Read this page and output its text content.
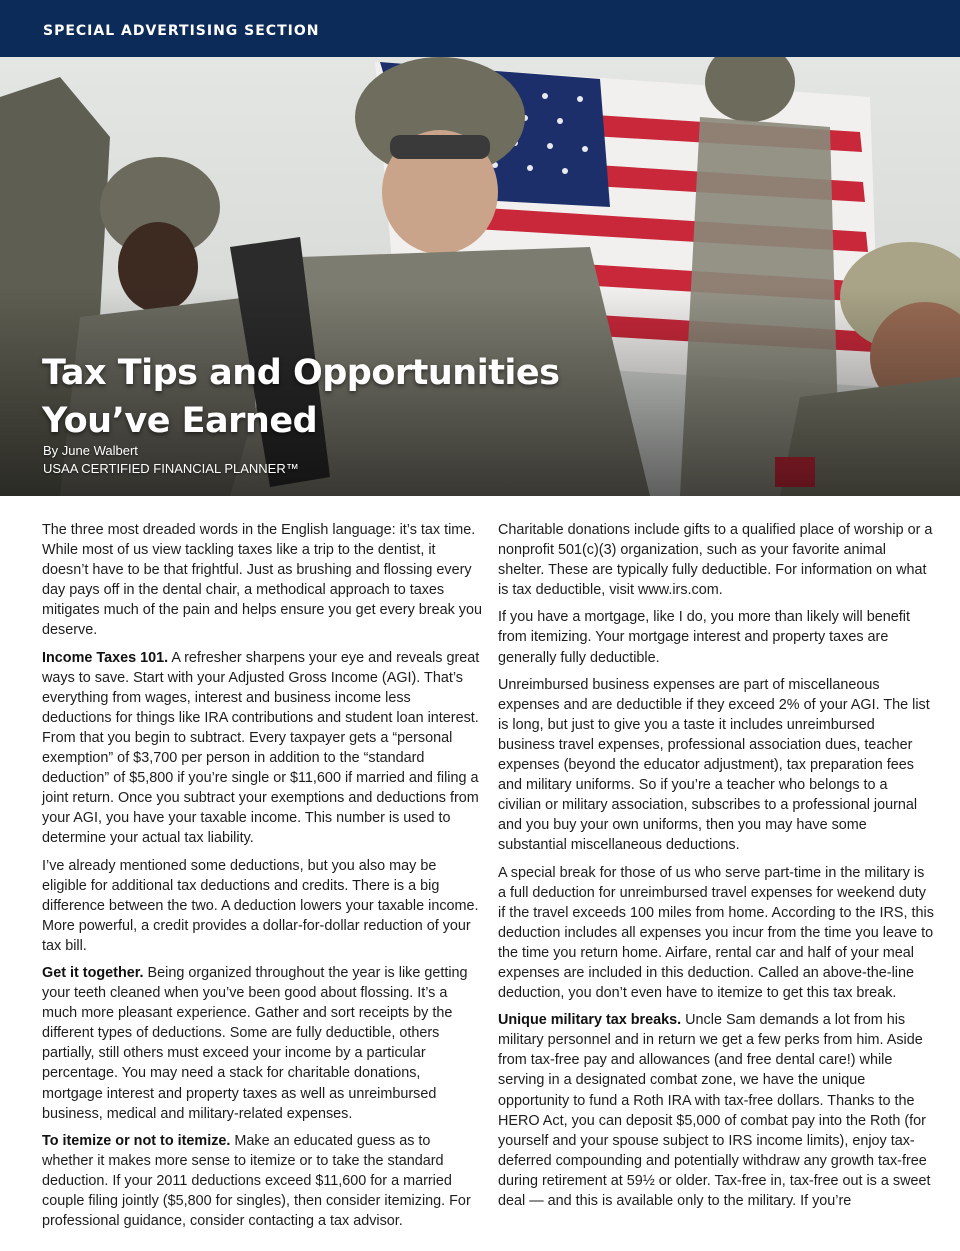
SPECIAL ADVERTISING SECTION
Tax Tips and Opportunities
You’ve Earned
By June Walbert
USAA CERTIFIED FINANCIAL PLANNER™

The three most dreaded words in the English language: it’s tax time. While most of us view tackling taxes like a trip to the dentist, it doesn’t have to be that frightful. Just as brushing and flossing every day pays off in the dental chair, a methodical approach to taxes mitigates much of the pain and helps ensure you get every break you deserve.

Income Taxes 101. A refresher sharpens your eye and reveals great ways to save. Start with your Adjusted Gross Income (AGI). That’s everything from wages, interest and business income less deductions for things like IRA contributions and student loan interest. From that you begin to subtract. Every taxpayer gets a “personal exemption” of $3,700 per person in addition to the “standard deduction” of $5,800 if you’re single or $11,600 if married and filing a joint return. Once you subtract your exemptions and deductions from your AGI, you have your taxable income. This number is used to determine your actual tax liability.

I’ve already mentioned some deductions, but you also may be eligible for additional tax deductions and credits. There is a big difference between the two. A deduction lowers your taxable income. More powerful, a credit provides a dollar-for-dollar reduction of your tax bill.

Get it together. Being organized throughout the year is like getting your teeth cleaned when you’ve been good about flossing. It’s a much more pleasant experience. Gather and sort receipts by the different types of deductions. Some are fully deductible, others partially, still others must exceed your income by a particular percentage. You may need a stack for charitable donations, mortgage interest and property taxes as well as unreimbursed business, medical and military-related expenses.

To itemize or not to itemize. Make an educated guess as to whether it makes more sense to itemize or to take the standard deduction. If your 2011 deductions exceed $11,600 for a married couple filing jointly ($5,800 for singles), then consider itemizing. For professional guidance, consider contacting a tax advisor.

Charitable donations include gifts to a qualified place of worship or a nonprofit 501(c)(3) organization, such as your favorite animal shelter. These are typically fully deductible. For information on what is tax deductible, visit www.irs.com.

If you have a mortgage, like I do, you more than likely will benefit from itemizing. Your mortgage interest and property taxes are generally fully deductible.

Unreimbursed business expenses are part of miscellaneous expenses and are deductible if they exceed 2% of your AGI. The list is long, but just to give you a taste it includes unreimbursed business travel expenses, professional association dues, teacher expenses (beyond the educator adjustment), tax preparation fees and military uniforms. So if you’re a teacher who belongs to a civilian or military association, subscribes to a professional journal and you buy your own uniforms, then you may have some substantial miscellaneous deductions.

A special break for those of us who serve part-time in the military is a full deduction for unreimbursed travel expenses for weekend duty if the travel exceeds 100 miles from home. According to the IRS, this deduction includes all expenses you incur from the time you leave to the time you return home. Airfare, rental car and half of your meal expenses are included in this deduction. Called an above-the-line deduction, you don’t even have to itemize to get this tax break.

Unique military tax breaks. Uncle Sam demands a lot from his military personnel and in return we get a few perks from him. Aside from tax-free pay and allowances (and free dental care!) while serving in a designated combat zone, we have the unique opportunity to fund a Roth IRA with tax-free dollars. Thanks to the HERO Act, you can deposit $5,000 of combat pay into the Roth (for yourself and your spouse subject to IRS income limits), enjoy tax-deferred compounding and potentially withdraw any growth tax-free during retirement at 59½ or older. Tax-free in, tax-free out is a sweet deal — and this is available only to the military. If you’re
